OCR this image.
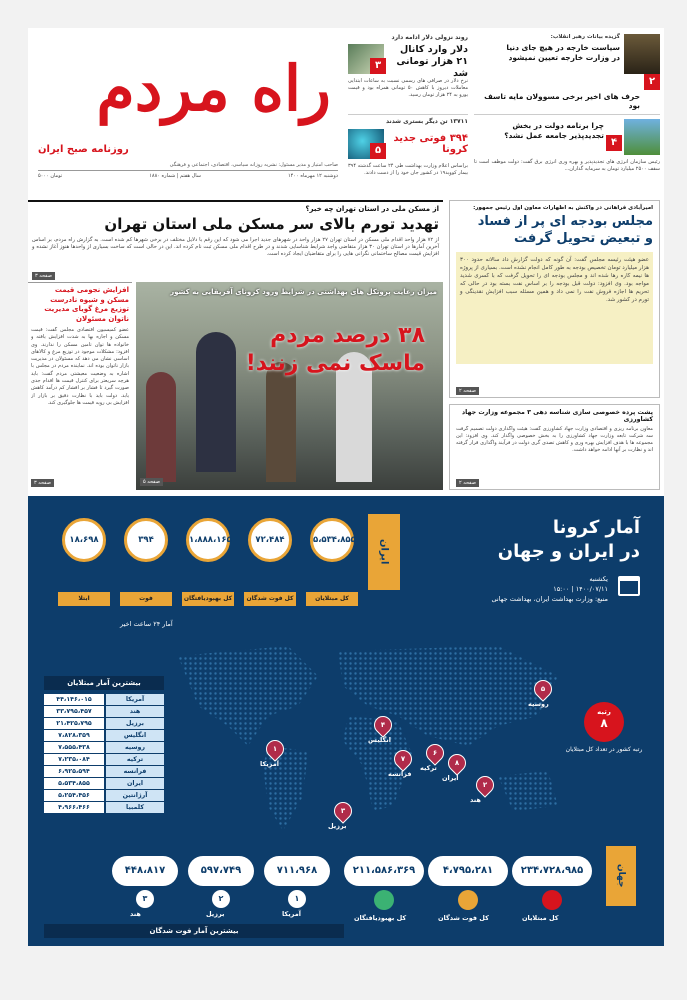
راه مردم
روزنامه صبح ایران
صاحب امتیاز و مدیر مسئول: نشریه روزانه سیاسی، اقتصادی، اجتماعی و فرهنگی
دوشنبه ۱۲ مهرماه ۱۴۰۰
سال هفتم | شماره ۱۸۸۰
۵۰۰۰ تومان
روند نزولی دلار ادامه دارد
۳
دلار وارد کانال
۲۱ هزار تومانی شد
نرخ دلار در صرافی های رسمی نسبت به ساعات ابتدایی معاملات دیروز با کاهش ۵۰ تومانی همراه بود و قیمت یورو به ۲۴ هزار تومان رسید.
۱۳۷۱۱ تن دیگر بستری شدند
۵
۳۹۴ فوتی جدید کرونا
براساس اعلام وزارت بهداشت طی ۲۴ ساعت گذشته ۳۹۴ بیمار کووید۱۹ در کشور جان خود را از دست دادند.
۲
گزیده بیانات رهبر انقلاب:
سیاست خارجه در هیچ جای دنیا
در وزارت خارجه تعیین نمیشود
حرف های اخیر برخی مسوولان مایه تاسف بود
۴
چرا برنامه دولت در بخش
تجدیدپذیر جامعه عمل نشد؟
رئیس سازمان انرژی های تجدیدپذیر و بهره وری انرژی برق گفت: دولت موظف است تا سقف ۲۵۰۰ میلیارد تومان به سرمایه گذاران...
از مسکن ملی در استان تهران چه خبر؟
تهدید تورم بالای سر مسکن ملی استان تهران
از ۷۲ هزار واحد اقدام ملی مسکن در استان تهران ۲۷ هزار واحد در شهرهای جدید اجرا می شود که این رقم با دلایل مختلف در برخی شهرها کم شده است. به گزارش راه مردم، بر اساس آخرین آمارها در استان تهران ۳۰ هزار متقاضی واجد شرایط شناسایی شدند و در طرح اقدام ملی مسکن ثبت نام کرده اند. این در حالی است که ساخت بسیاری از واحدها هنوز آغاز نشده و افزایش قیمت مصالح ساختمانی نگرانی هایی را برای متقاضیان ایجاد کرده است.
صفحه ۳
امیرآبادی فراهانی در واکنش به اظهارات معاون اول رئیس جمهور:
مجلس بودجه ای پر از فساد
و تبعیض تحویل گرفت
عضو هیئت رئیسه مجلس گفت: آن گونه که دولت گزارش داد سالانه حدود ۳۰۰ هزار میلیارد تومان تخصیص بودجه به طور کامل انجام نشده است. بسیاری از پروژه ها نیمه کاره رها شده اند و مجلس بودجه ای را تحویل گرفت که با کسری شدید مواجه بود. وی افزود: دولت قبل بودجه را بر اساس نفت بسته بود در حالی که تحریم ها اجازه فروش نفت را نمی داد و همین مسئله سبب افزایش نقدینگی و تورم در کشور شد.
صفحه ۲
میزان رعایت پروتکل های بهداشتی در شرایط ورود کرونای آفریقایی به کشور
۳۸ درصد مردم
ماسک نمی زنند!
صفحه ۵
افزایش نجومی قیمت مسکن و شیوه نادرست توزیع مرغ گویای مدیریت ناتوان مسئولان
عضو کمیسیون اقتصادی مجلس گفت: قیمت مسکن و اجاره بها به شدت افزایش یافته و خانواده ها توان تامین مسکن را ندارند. وی افزود: مشکلات موجود در توزیع مرغ و کالاهای اساسی نشان می دهد که مسئولان در مدیریت بازار ناتوان بوده اند. نماینده مردم در مجلس با اشاره به وضعیت معیشتی مردم گفت: باید هرچه سریعتر برای کنترل قیمت ها اقدام جدی صورت گیرد تا فشار بر اقشار کم درآمد کاهش یابد. دولت باید با نظارت دقیق بر بازار از افزایش بی رویه قیمت ها جلوگیری کند.
صفحه ۳
پشت پرده خصوصی سازی شناسه دهی ۳ مجموعه وزارت جهاد کشاورزی
معاون برنامه ریزی و اقتصادی وزارت جهاد کشاورزی گفت: هیئت واگذاری دولت تصمیم گرفت سه شرکت تابعه وزارت جهاد کشاورزی را به بخش خصوصی واگذار کند. وی افزود: این مجموعه ها با هدف افزایش بهره وری و کاهش تصدی گری دولت در فرآیند واگذاری قرار گرفته اند و نظارت بر آنها ادامه خواهد داشت.
صفحه ۲
آمار کرونا
در ایران و جهان
یکشنبه
۱۴۰۰/۰۷/۱۱ | ۱۵:۰۰
منبع: وزارت بهداشت ایران، بهداشت جهانی
ایران
۵،۵۳۴،۸۵۵
کل مبتلایان
۷۲،۴۸۴
کل فوت شدگان
۱،۸۸۸،۱۶۵
کل بهبودیافتگان
۳۹۴
فوت
۱۸،۶۹۸
ابتلا
آمار ۲۴ ساعت اخیر
بیشترین آمار مبتلایان
۴۴،۱۴۶،۰۱۵	آمریکا
۳۳،۷۹۵،۴۵۷	هند
۲۱،۴۲۵،۷۹۵	برزیل
۷،۸۲۸،۳۵۹	انگلیس
۷،۵۵۵،۴۳۸	روسیه
۷،۲۳۵،۰۸۴	ترکیه
۶،۹۲۵،۵۹۴	فرانسه
۵،۵۳۴،۸۵۵	ایران
۵،۲۵۴،۴۵۶	آرژانتین
۴،۹۶۶،۴۶۶	کلمبیا
۱
آمریکا
۲
هند
۳
برزیل
۴
انگلیس
۵
روسیه
۶
ترکیه
۷
فرانسه
۸
ایران
رتبه
۸
رتبه کشور در تعداد کل مبتلایان
جهان
۲۳۴،۷۲۸،۹۸۵
کل مبتلایان
۴،۷۹۵،۲۸۱
کل فوت شدگان
۲۱۱،۵۸۶،۳۶۹
کل بهبودیافتگان
۷۱۱،۹۶۸
۱
آمریکا
۵۹۷،۷۴۹
۲
برزیل
۴۴۸،۸۱۷
۳
هند
بیشترین آمار فوت شدگان
